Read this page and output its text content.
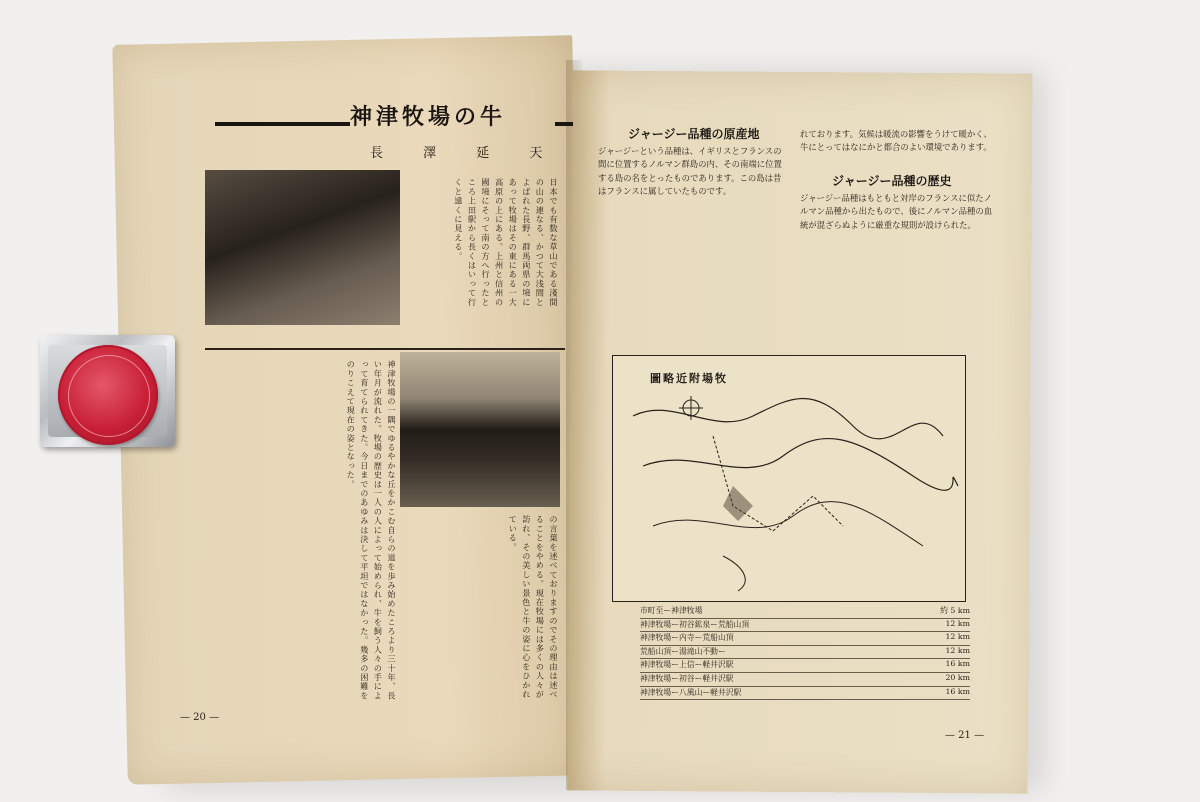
神津牧場の牛
長 澤 延 天
日本でも有数な草山である淺間の山の連なる、かつて大浅間とよばれた長野、群馬両県の境にあって牧場はその東にある一大高原の上にある。上州と信州の國境にそって南の方へ行ったところ上田駅から長くはいって行くと遠くに見える。
神津牧場の一隅でゆるやかな丘をかこむ自らの道を歩み始めたころより三十年、長い年月が流れた。牧場の歴史は一人の人によって始められ、牛を飼う人々の手によって育てられてきた。今日までのあゆみは決して平坦ではなかった。幾多の困難をのりこえて現在の姿となった。
の言葉を述べておりますのでその理由は述べることをやめる。現在牧場には多くの人々が訪れ、その美しい景色と牛の姿に心をひかれている。
— 20 —
ジャージー品種の原産地
ジャージーという品種は、イギリスとフランスの間に位置するノルマン群島の内、その南端に位置する島の名をとったものであります。この島は昔はフランスに属していたものです。
れております。気候は暖流の影響をうけて暖かく、牛にとってはなにかと都合のよい環境であります。
ジャージー品種の歴史
ジャージー品種はもともと対岸のフランスに似たノルマン品種から出たもので、後にノルマン品種の血統が混ざらぬように厳重な規則が設けられた。
圖略近附場牧
市町至ー神津牧場	約 5 km
神津牧場ー初谷鉱泉ー荒船山頂	12 km
神津牧場ー内寺ー荒船山頂	12 km
荒船山頂ー湯滝山不動ー	12 km
神津牧場ー上信ー軽井沢駅	16 km
神津牧場ー初谷ー軽井沢駅	20 km
神津牧場ー八風山ー軽井沢駅	16 km
— 21 —
